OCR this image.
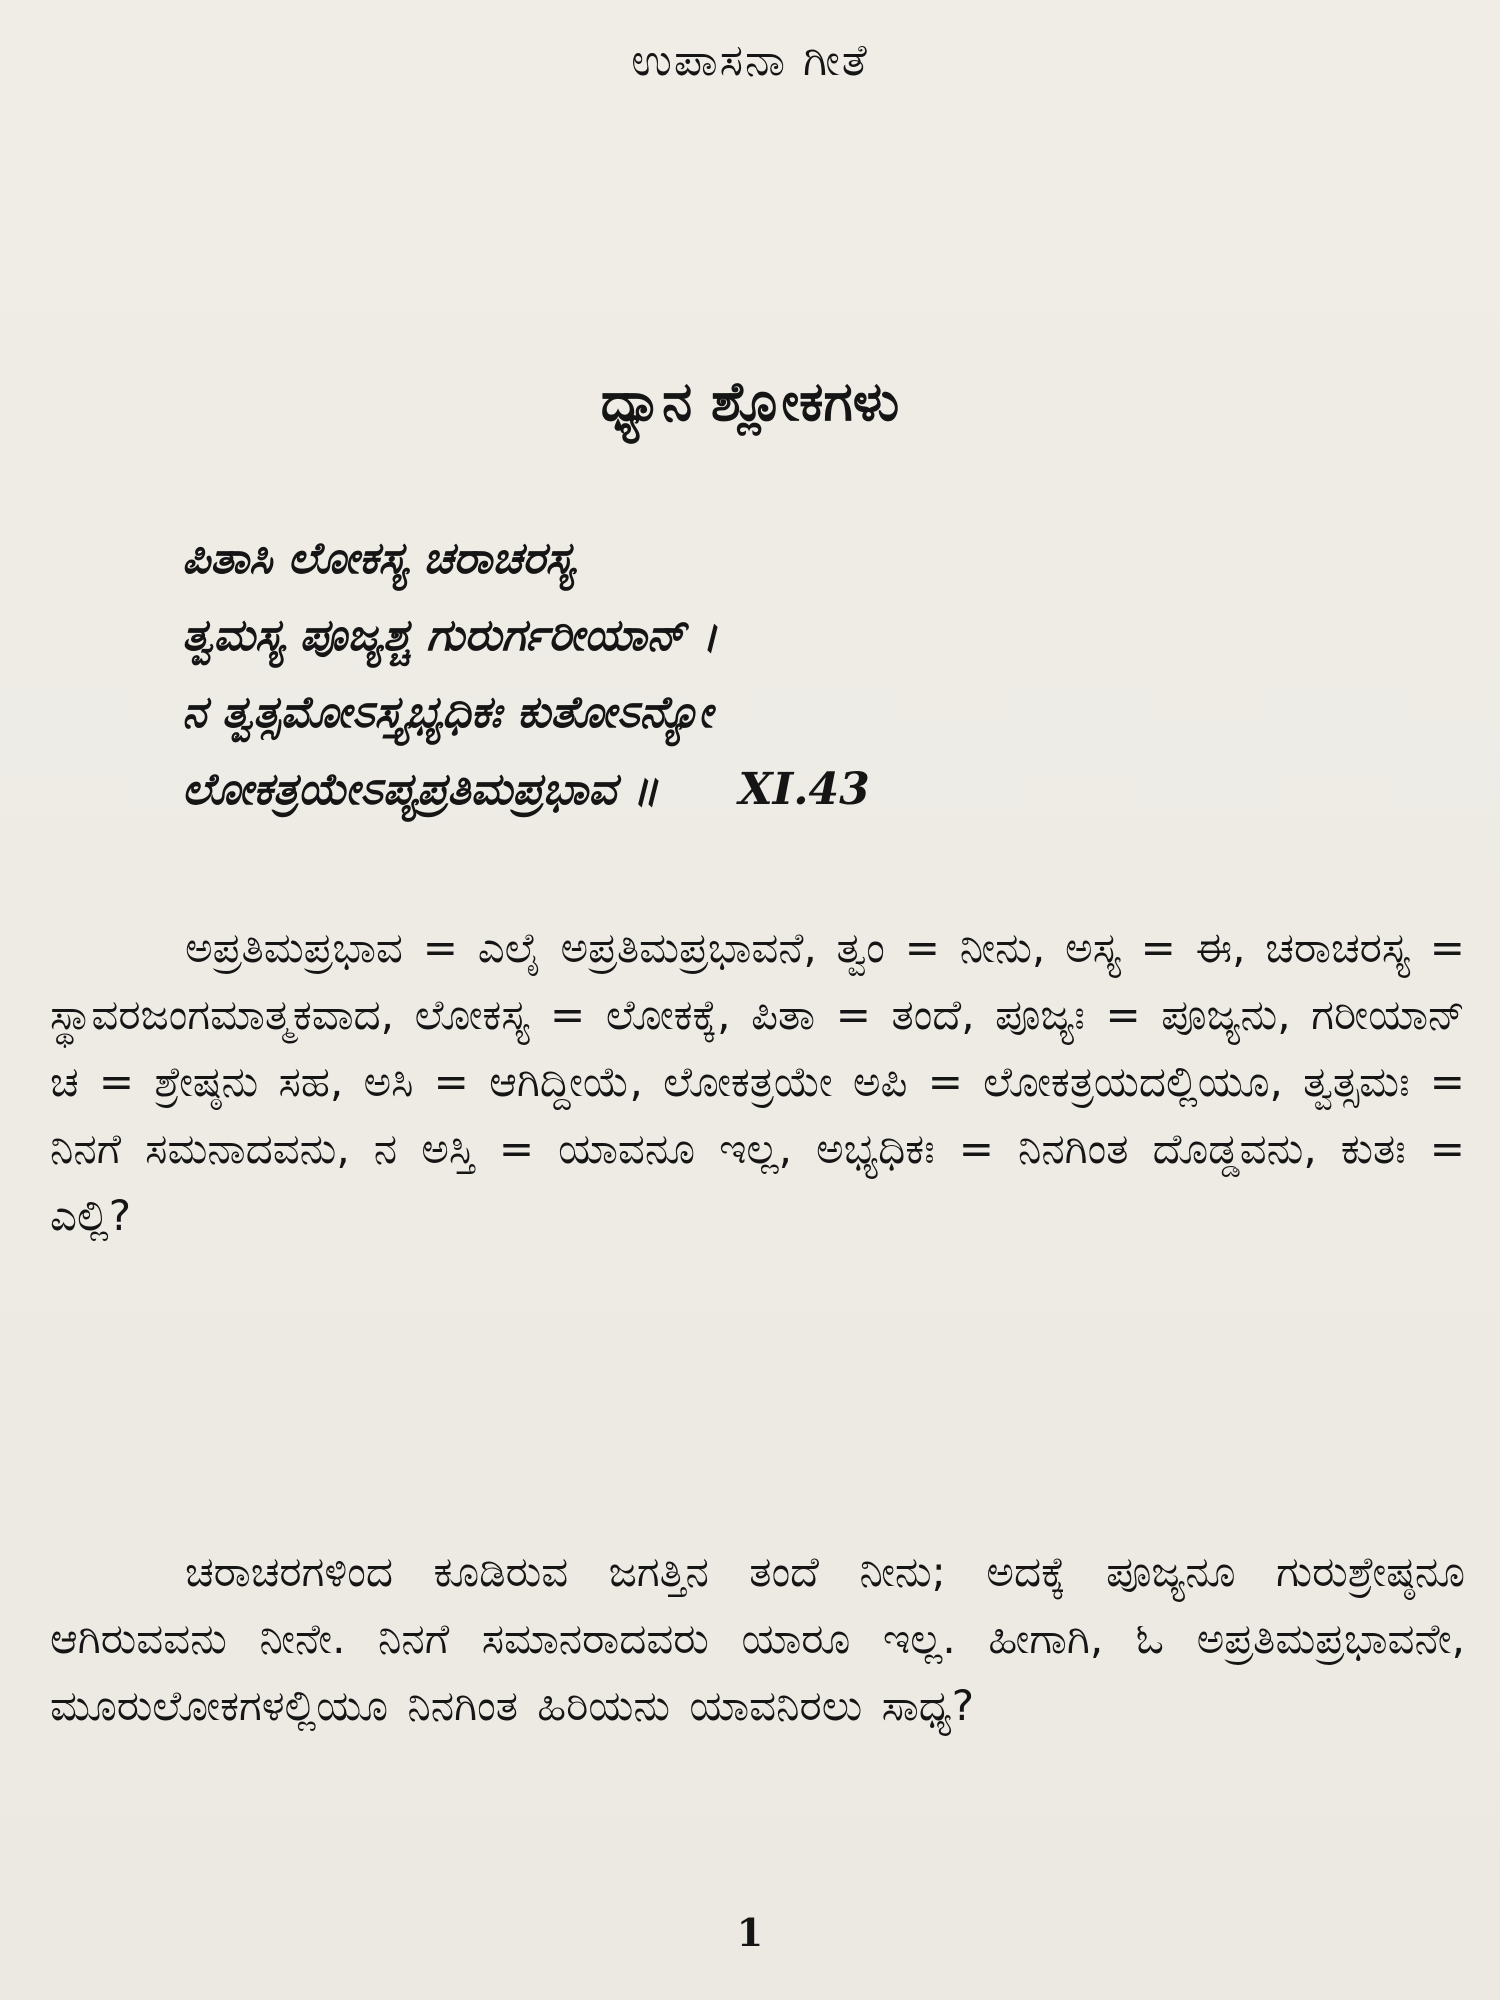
ಉಪಾಸನಾ ಗೀತೆ
ಧ್ಯಾನ ಶ್ಲೋಕಗಳು
ಪಿತಾಸಿ ಲೋಕಸ್ಯ ಚರಾಚರಸ್ಯ
ತ್ವಮಸ್ಯ ಪೂಜ್ಯಶ್ಚ ಗುರುರ್ಗರೀಯಾನ್ ।
ನ ತ್ವತ್ಸಮೋಽಸ್ತ್ಯಭ್ಯಧಿಕಃ ಕುತೋಽನ್ಯೋ
ಲೋಕತ್ರಯೇಽಪ್ಯಪ್ರತಿಮಪ್ರಭಾವ ॥ XI.43

ಅಪ್ರತಿಮಪ್ರಭಾವ = ಎಲೈ ಅಪ್ರತಿಮಪ್ರಭಾವನೆ, ತ್ವಂ = ನೀನು, ಅಸ್ಯ = ಈ, ಚರಾಚರಸ್ಯ = ಸ್ಥಾವರಜಂಗಮಾತ್ಮಕವಾದ, ಲೋಕಸ್ಯ = ಲೋಕಕ್ಕೆ, ಪಿತಾ = ತಂದೆ, ಪೂಜ್ಯಃ = ಪೂಜ್ಯನು, ಗರೀಯಾನ್ ಚ = ಶ್ರೇಷ್ಠನು ಸಹ, ಅಸಿ = ಆಗಿದ್ದೀಯೆ, ಲೋಕತ್ರಯೇ ಅಪಿ = ಲೋಕತ್ರಯದಲ್ಲಿಯೂ, ತ್ವತ್ಸಮಃ = ನಿನಗೆ ಸಮನಾದವನು, ನ ಅಸ್ತಿ = ಯಾವನೂ ಇಲ್ಲ, ಅಭ್ಯಧಿಕಃ = ನಿನಗಿಂತ ದೊಡ್ಡವನು, ಕುತಃ = ಎಲ್ಲಿ?

ಚರಾಚರಗಳಿಂದ ಕೂಡಿರುವ ಜಗತ್ತಿನ ತಂದೆ ನೀನು; ಅದಕ್ಕೆ ಪೂಜ್ಯನೂ ಗುರುಶ್ರೇಷ್ಠನೂ ಆಗಿರುವವನು ನೀನೇ. ನಿನಗೆ ಸಮಾನರಾದವರು ಯಾರೂ ಇಲ್ಲ. ಹೀಗಾಗಿ, ಓ ಅಪ್ರತಿಮಪ್ರಭಾವನೇ, ಮೂರುಲೋಕಗಳಲ್ಲಿಯೂ ನಿನಗಿಂತ ಹಿರಿಯನು ಯಾವನಿರಲು ಸಾಧ್ಯ?

1
